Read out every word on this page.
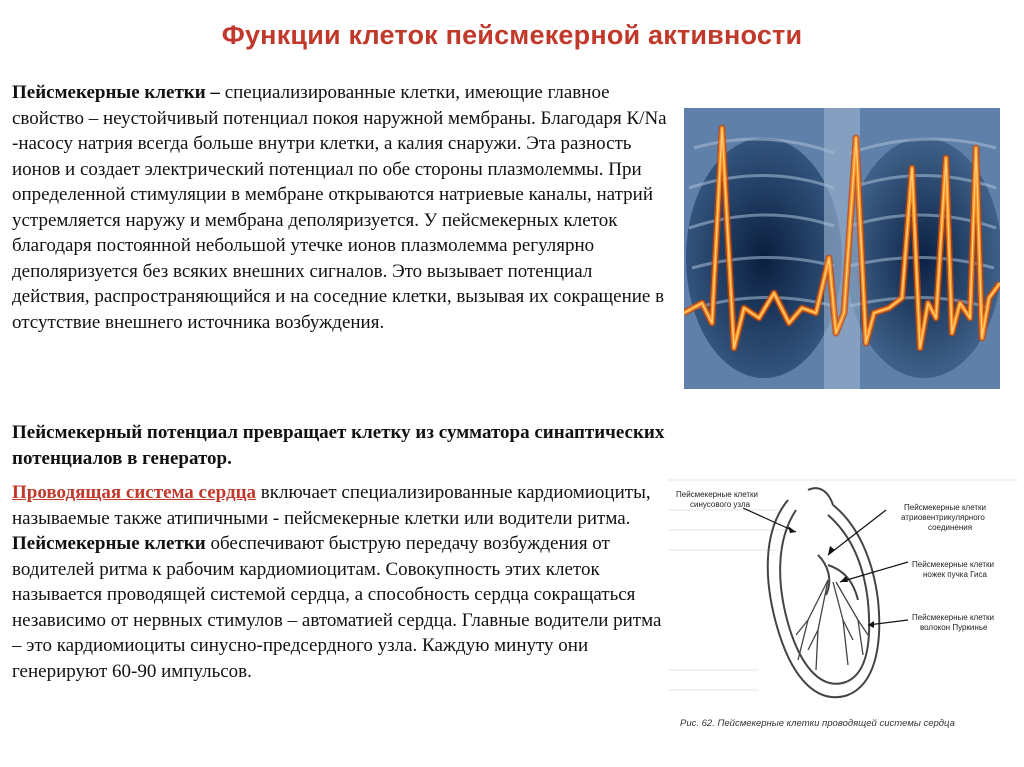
Функции клеток пейсмекерной активности
Пейсмекерные клетки – специализированные клетки, имеющие главное свойство – неустойчивый потенциал покоя наружной мембраны. Благодаря К/Na -насосу натрия всегда больше внутри клетки, а калия снаружи. Эта разность ионов и создает электрический потенциал по обе стороны плазмолеммы. При определенной стимуляции в мембране открываются натриевые каналы, натрий устремляется наружу и мембрана деполяризуется. У пейсмекерных клеток благодаря постоянной небольшой утечке ионов плазмолемма регулярно деполяризуется без всяких внешних сигналов. Это вызывает потенциал действия, распространяющийся и на соседние клетки, вызывая их сокращение в отсутствие внешнего источника возбуждения.
Пейсмекерный потенциал превращает клетку из сумматора синаптических потенциалов в генератор.
Проводящая система сердца включает специализированные кардиомиоциты, называемые также атипичными - пейсмекерные клетки или водители ритма. Пейсмекерные клетки обеспечивают быструю передачу возбуждения от водителей ритма к рабочим кардиомиоцитам. Совокупность этих клеток называется проводящей системой сердца, а способность сердца сокращаться независимо от нервных стимулов – автоматией сердца. Главные водители ритма – это кардиомиоциты синусно-предсердного узла. Каждую минуту они генерируют 60-90 импульсов.
Пейсмекерные клетки
синусового узла	Пейсмекерные клетки
атриовентрикулярного
соединения
Пейсмекерные клетки
ножек пучка Гиса
Пейсмекерные клетки
волокон Пуркинье
Рис. 62. Пейсмекерные клетки проводящей системы сердца
